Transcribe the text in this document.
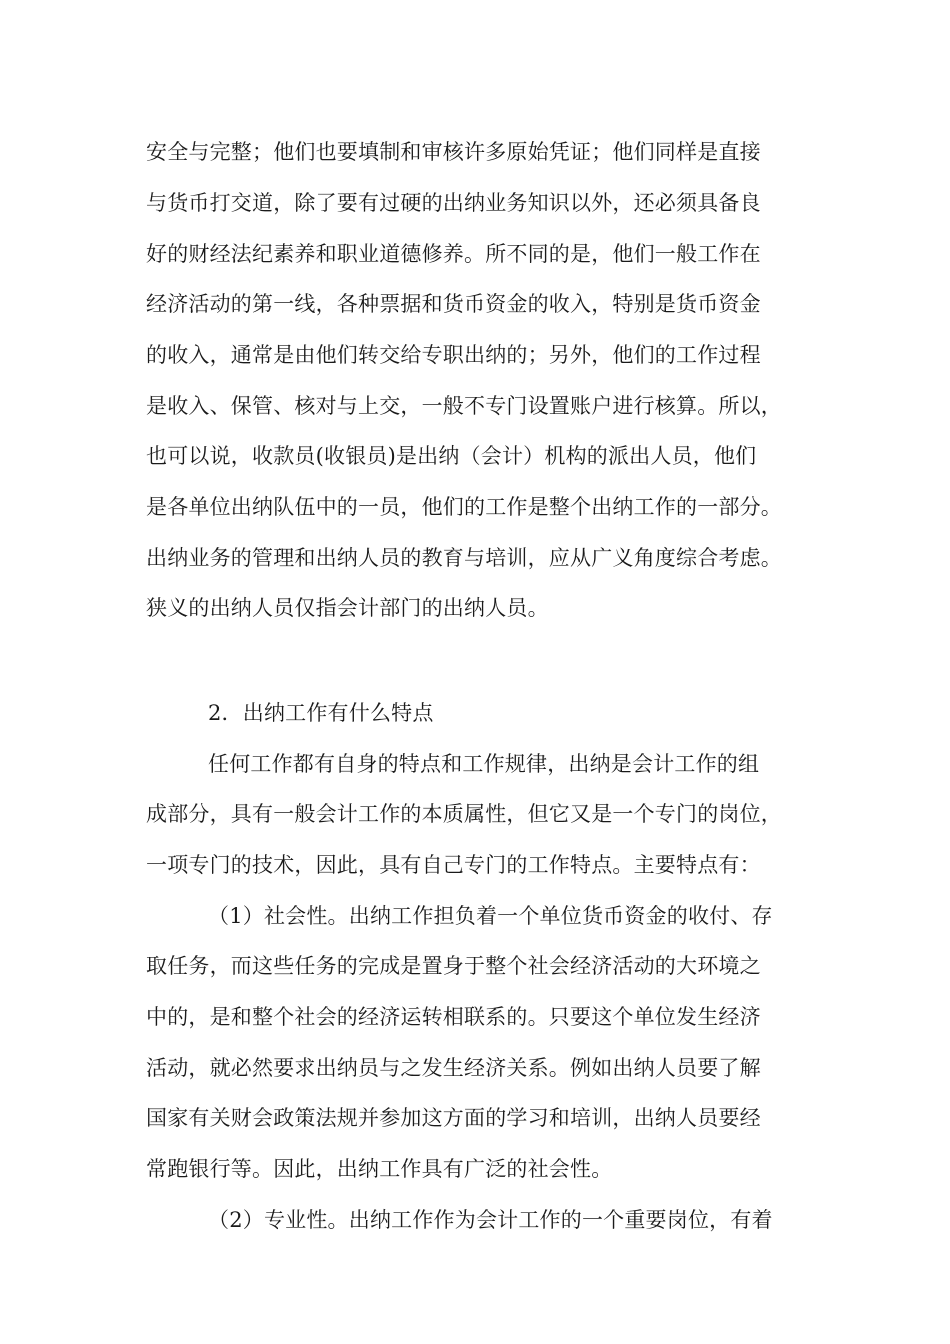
安全与完整；他们也要填制和审核许多原始凭证；他们同样是直接
与货币打交道，除了要有过硬的出纳业务知识以外，还必须具备良
好的财经法纪素养和职业道德修养。所不同的是，他们一般工作在
经济活动的第一线，各种票据和货币资金的收入，特别是货币资金
的收入，通常是由他们转交给专职出纳的；另外，他们的工作过程
是收入、保管、核对与上交，一般不专门设置账户进行核算。所以，
也可以说，收款员(收银员)是出纳（会计）机构的派出人员，他们
是各单位出纳队伍中的一员，他们的工作是整个出纳工作的一部分。
出纳业务的管理和出纳人员的教育与培训，应从广义角度综合考虑。
狭义的出纳人员仅指会计部门的出纳人员。
2．出纳工作有什么特点
任何工作都有自身的特点和工作规律，出纳是会计工作的组
成部分，具有一般会计工作的本质属性，但它又是一个专门的岗位，
一项专门的技术，因此，具有自己专门的工作特点。主要特点有：
（1）社会性。出纳工作担负着一个单位货币资金的收付、存
取任务，而这些任务的完成是置身于整个社会经济活动的大环境之
中的，是和整个社会的经济运转相联系的。只要这个单位发生经济
活动，就必然要求出纳员与之发生经济关系。例如出纳人员要了解
国家有关财会政策法规并参加这方面的学习和培训，出纳人员要经
常跑银行等。因此，出纳工作具有广泛的社会性。
（2）专业性。出纳工作作为会计工作的一个重要岗位，有着
